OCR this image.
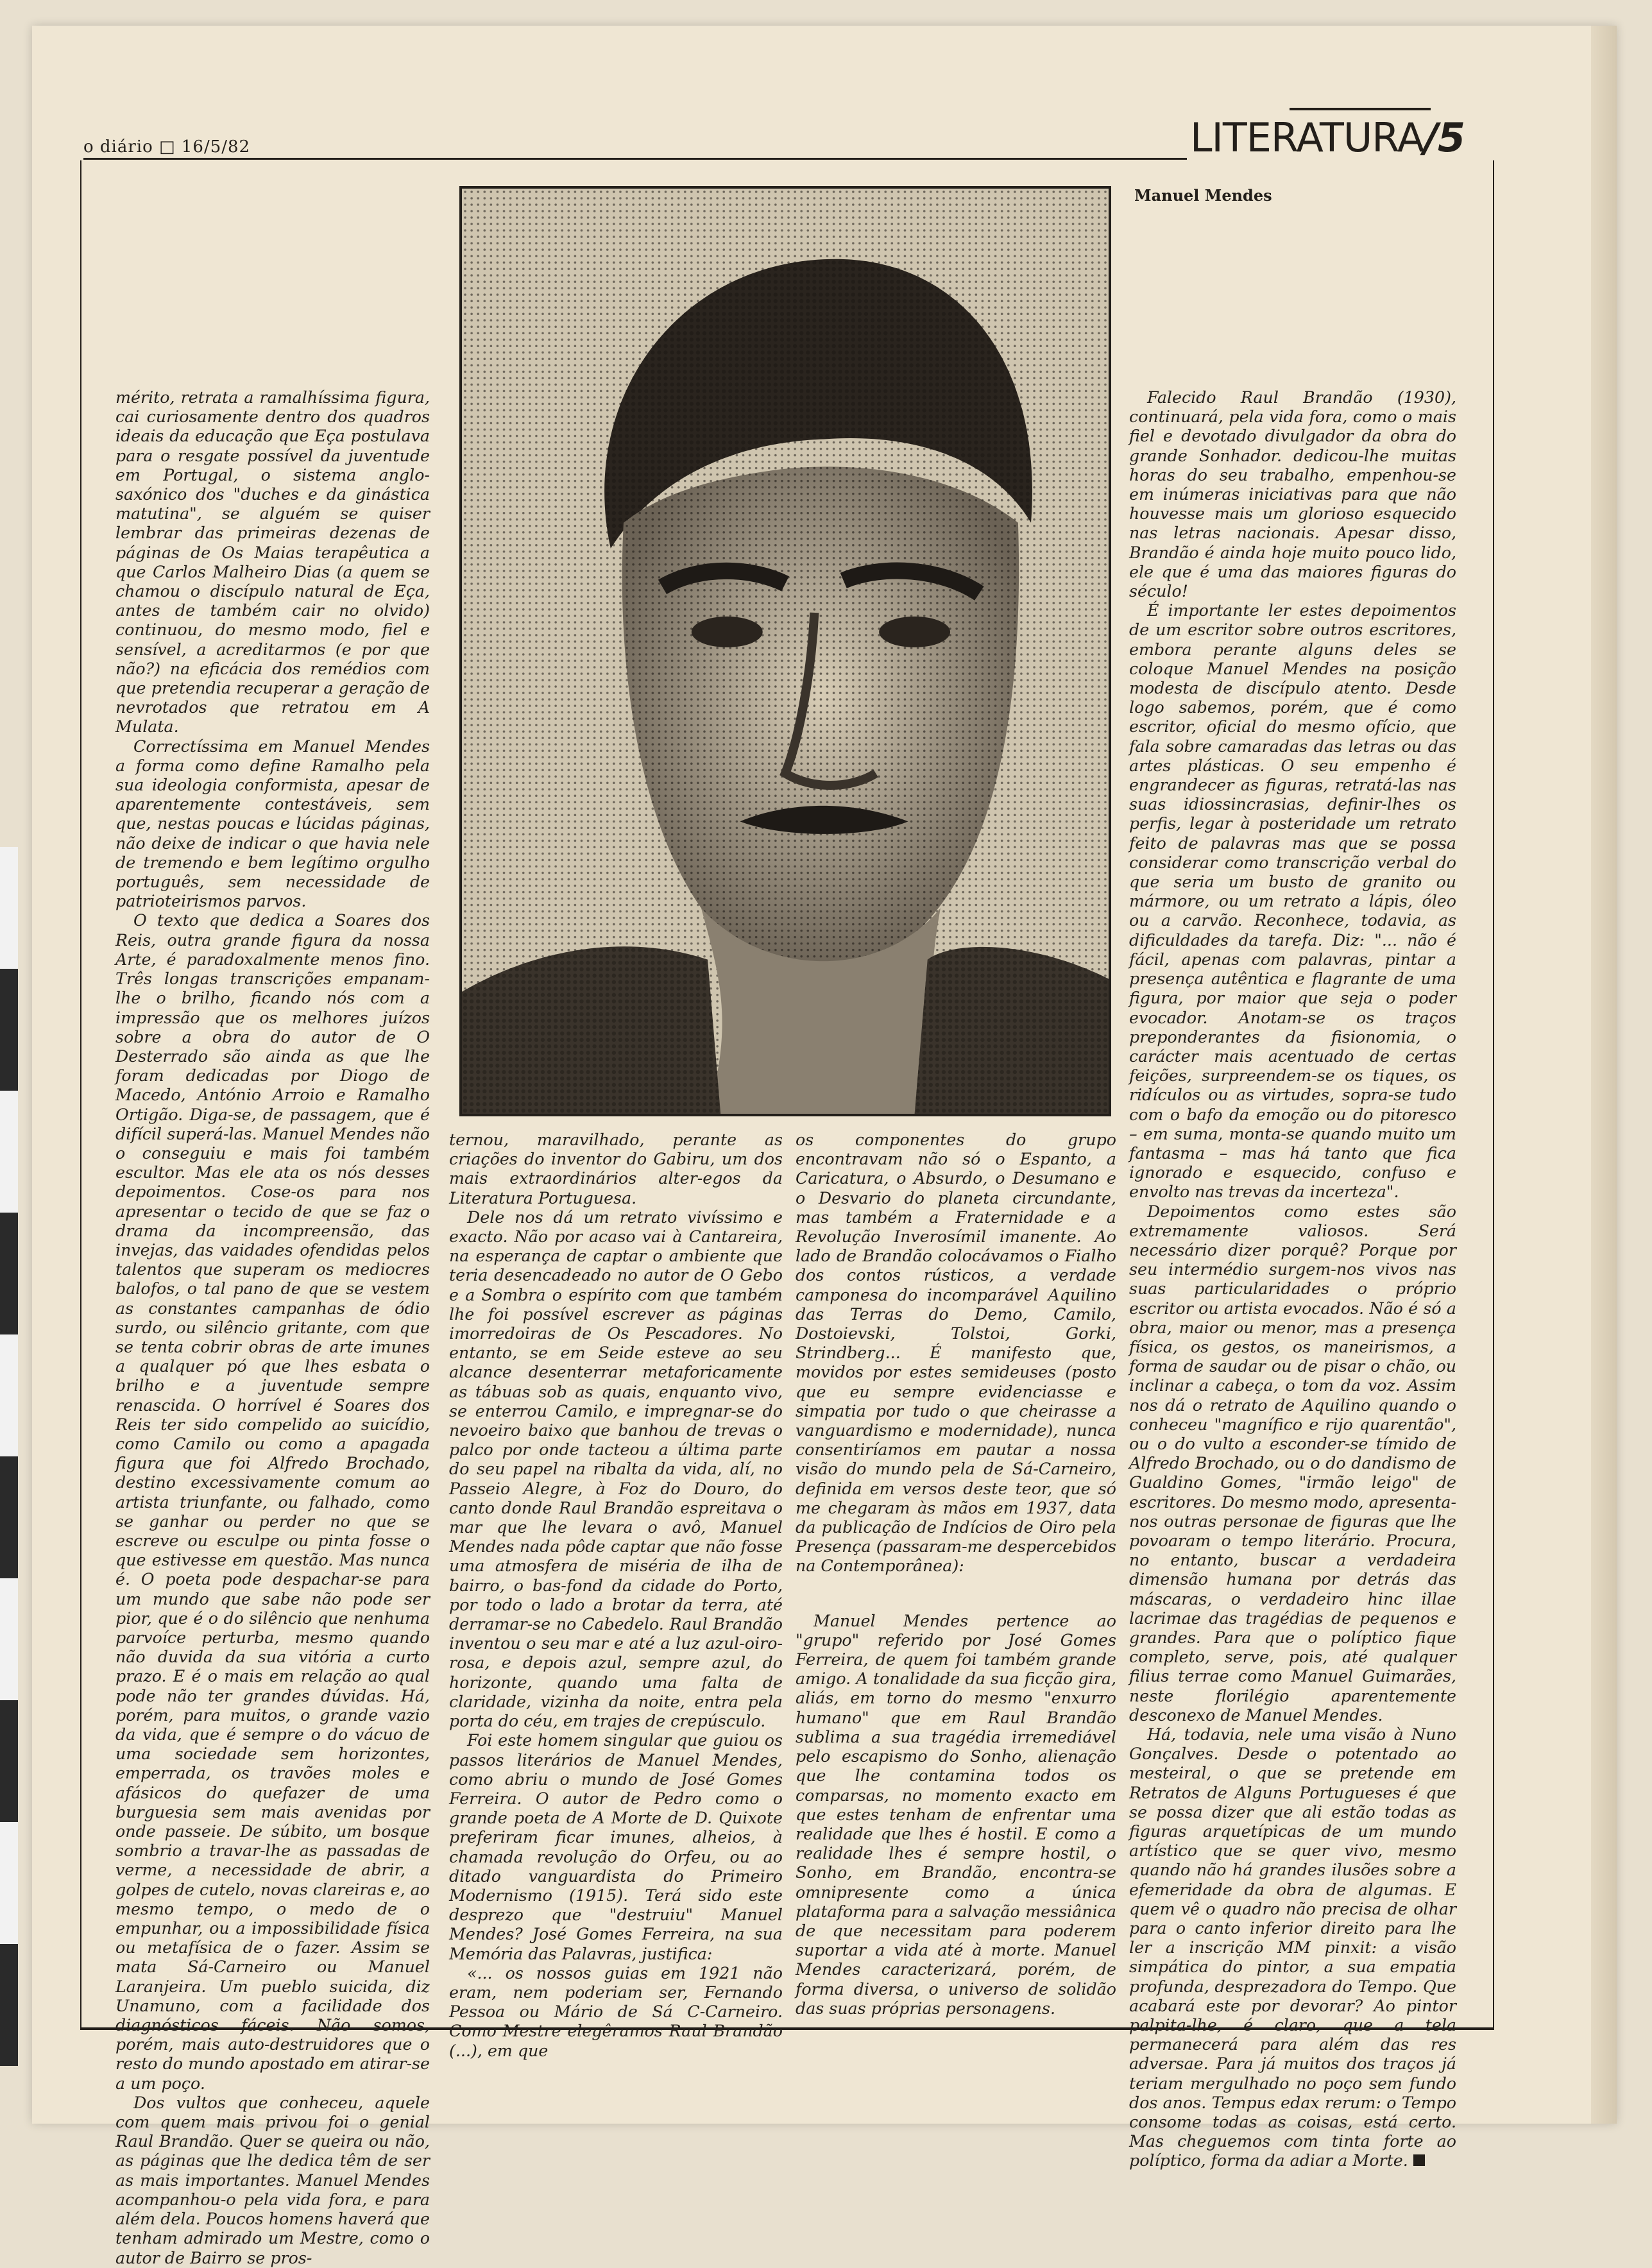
o diário □ 16/5/82	LITERATURA/5
Manuel Mendes

mérito, retrata a ramalhíssima figura, cai curiosamente dentro dos quadros ideais da educação que Eça postulava para o resgate possível da juventude em Portugal, o sistema anglo-saxónico dos "duches e da ginástica matutina", se alguém se quiser lembrar das primeiras dezenas de páginas de Os Maias terapêutica a que Carlos Malheiro Dias (a quem se chamou o discípulo natural de Eça, antes de também cair no olvido) continuou, do mesmo modo, fiel e sensível, a acreditarmos (e por que não?) na eficácia dos remédios com que pretendia recuperar a geração de nevrotados que retratou em A Mulata.

Correctíssima em Manuel Mendes a forma como define Ramalho pela sua ideologia conformista, apesar de aparentemente contestáveis, sem que, nestas poucas e lúcidas páginas, não deixe de indicar o que havia nele de tremendo e bem legítimo orgulho português, sem necessidade de patrioteirismos parvos.

O texto que dedica a Soares dos Reis, outra grande figura da nossa Arte, é paradoxalmente menos fino. Três longas transcrições empanam-lhe o brilho, ficando nós com a impressão que os melhores juízos sobre a obra do autor de O Desterrado são ainda as que lhe foram dedicadas por Diogo de Macedo, António Arroio e Ramalho Ortigão. Diga-se, de passagem, que é difícil superá-las. Manuel Mendes não o conseguiu e mais foi também escultor. Mas ele ata os nós desses depoimentos. Cose-os para nos apresentar o tecido de que se faz o drama da incompreensão, das invejas, das vaidades ofendidas pelos talentos que superam os mediocres balofos, o tal pano de que se vestem as constantes campanhas de ódio surdo, ou silêncio gritante, com que se tenta cobrir obras de arte imunes a qualquer pó que lhes esbata o brilho e a juventude sempre renascida. O horrível é Soares dos Reis ter sido compelido ao suicídio, como Camilo ou como a apagada figura que foi Alfredo Brochado, destino excessivamente comum ao artista triunfante, ou falhado, como se ganhar ou perder no que se escreve ou esculpe ou pinta fosse o que estivesse em questão. Mas nunca é. O poeta pode despachar-se para um mundo que sabe não pode ser pior, que é o do silêncio que nenhuma parvoíce perturba, mesmo quando não duvida da sua vitória a curto prazo. E é o mais em relação ao qual pode não ter grandes dúvidas. Há, porém, para muitos, o grande vazio da vida, que é sempre o do vácuo de uma sociedade sem horizontes, emperrada, os travões moles e afásicos do quefazer de uma burguesia sem mais avenidas por onde passeie. De súbito, um bosque sombrio a travar-lhe as passadas de verme, a necessidade de abrir, a golpes de cutelo, novas clareiras e, ao mesmo tempo, o medo de o empunhar, ou a impossibilidade física ou metafísica de o fazer. Assim se mata Sá-Carneiro ou Manuel Laranjeira. Um pueblo suicida, diz Unamuno, com a facilidade dos diagnósticos fáceis. Não somos, porém, mais auto-destruidores que o resto do mundo apostado em atirar-se a um poço.

Dos vultos que conheceu, aquele com quem mais privou foi o genial Raul Brandão. Quer se queira ou não, as páginas que lhe dedica têm de ser as mais importantes. Manuel Mendes acompanhou-o pela vida fora, e para além dela. Poucos homens haverá que tenham admirado um Mestre, como o autor de Bairro se pros-

ternou, maravilhado, perante as criações do inventor do Gabiru, um dos mais extraordinários alter-egos da Literatura Portuguesa.

Dele nos dá um retrato vivíssimo e exacto. Não por acaso vai à Cantareira, na esperança de captar o ambiente que teria desencadeado no autor de O Gebo e a Sombra o espírito com que também lhe foi possível escrever as páginas imorredoiras de Os Pescadores. No entanto, se em Seide esteve ao seu alcance desenterrar metaforicamente as tábuas sob as quais, enquanto vivo, se enterrou Camilo, e impregnar-se do nevoeiro baixo que banhou de trevas o palco por onde tacteou a última parte do seu papel na ribalta da vida, alí, no Passeio Alegre, à Foz do Douro, do canto donde Raul Brandão espreitava o mar que lhe levara o avô, Manuel Mendes nada pôde captar que não fosse uma atmosfera de miséria de ilha de bairro, o bas-fond da cidade do Porto, por todo o lado a brotar da terra, até derramar-se no Cabedelo. Raul Brandão inventou o seu mar e até a luz azul-oiro-rosa, e depois azul, sempre azul, do horizonte, quando uma falta de claridade, vizinha da noite, entra pela porta do céu, em trajes de crepúsculo.

Foi este homem singular que guiou os passos literários de Manuel Mendes, como abriu o mundo de José Gomes Ferreira. O autor de Pedro como o grande poeta de A Morte de D. Quixote preferiram ficar imunes, alheios, à chamada revolução do Orfeu, ou ao ditado vanguardista do Primeiro Modernismo (1915). Terá sido este desprezo que "destruiu" Manuel Mendes? José Gomes Ferreira, na sua Memória das Palavras, justifica:

«... os nossos guias em 1921 não eram, nem poderiam ser, Fernando Pessoa ou Mário de Sá C-Carneiro. Como Mestre elegêramos Raul Brandão (...), em que

os componentes do grupo encontravam não só o Espanto, a Caricatura, o Absurdo, o Desumano e o Desvario do planeta circundante, mas também a Fraternidade e a Revolução Inverosímil imanente. Ao lado de Brandão colocávamos o Fialho dos contos rústicos, a verdade camponesa do incomparável Aquilino das Terras do Demo, Camilo, Dostoievski, Tolstoi, Gorki, Strindberg... É manifesto que, movidos por estes semideuses (posto que eu sempre evidenciasse e simpatia por tudo o que cheirasse a vanguardismo e modernidade), nunca consentiríamos em pautar a nossa visão do mundo pela de Sá-Carneiro, definida em versos deste teor, que só me chegaram às mãos em 1937, data da publicação de Indícios de Oiro pela Presença (passaram-me despercebidos na Contemporânea):

Manuel Mendes pertence ao "grupo" referido por José Gomes Ferreira, de quem foi também grande amigo. A tonalidade da sua ficção gira, aliás, em torno do mesmo "enxurro humano" que em Raul Brandão sublima a sua tragédia irremediável pelo escapismo do Sonho, alienação que lhe contamina todos os comparsas, no momento exacto em que estes tenham de enfrentar uma realidade que lhes é hostil. E como a realidade lhes é sempre hostil, o Sonho, em Brandão, encontra-se omnipresente como a única plataforma para a salvação messiânica de que necessitam para poderem suportar a vida até à morte. Manuel Mendes caracterizará, porém, de forma diversa, o universo de solidão das suas próprias personagens.

Falecido Raul Brandão (1930), continuará, pela vida fora, como o mais fiel e devotado divulgador da obra do grande Sonhador. dedicou-lhe muitas horas do seu trabalho, empenhou-se em inúmeras iniciativas para que não houvesse mais um glorioso esquecido nas letras nacionais. Apesar disso, Brandão é ainda hoje muito pouco lido, ele que é uma das maiores figuras do século!

É importante ler estes depoimentos de um escritor sobre outros escritores, embora perante alguns deles se coloque Manuel Mendes na posição modesta de discípulo atento. Desde logo sabemos, porém, que é como escritor, oficial do mesmo ofício, que fala sobre camaradas das letras ou das artes plásticas. O seu empenho é engrandecer as figuras, retratá-las nas suas idiossincrasias, definir-lhes os perfis, legar à posteridade um retrato feito de palavras mas que se possa considerar como transcrição verbal do que seria um busto de granito ou mármore, ou um retrato a lápis, óleo ou a carvão. Reconhece, todavia, as dificuldades da tarefa. Diz: "... não é fácil, apenas com palavras, pintar a presença autêntica e flagrante de uma figura, por maior que seja o poder evocador. Anotam-se os traços preponderantes da fisionomia, o carácter mais acentuado de certas feições, surpreendem-se os tiques, os ridículos ou as virtudes, sopra-se tudo com o bafo da emoção ou do pitoresco – em suma, monta-se quando muito um fantasma – mas há tanto que fica ignorado e esquecido, confuso e envolto nas trevas da incerteza".

Depoimentos como estes são extremamente valiosos. Será necessário dizer porquê? Porque por seu intermédio surgem-nos vivos nas suas particularidades o próprio escritor ou artista evocados. Não é só a obra, maior ou menor, mas a presença física, os gestos, os maneirismos, a forma de saudar ou de pisar o chão, ou inclinar a cabeça, o tom da voz. Assim nos dá o retrato de Aquilino quando o conheceu "magnífico e rijo quarentão", ou o do vulto a esconder-se tímido de Alfredo Brochado, ou o do dandismo de Gualdino Gomes, "irmão leigo" de escritores. Do mesmo modo, apresenta-nos outras personae de figuras que lhe povoaram o tempo literário. Procura, no entanto, buscar a verdadeira dimensão humana por detrás das máscaras, o verdadeiro hinc illae lacrimae das tragédias de pequenos e grandes. Para que o políptico fique completo, serve, pois, até qualquer filius terrae como Manuel Guimarães, neste florilégio aparentemente desconexo de Manuel Mendes.

Há, todavia, nele uma visão à Nuno Gonçalves. Desde o potentado ao mesteiral, o que se pretende em Retratos de Alguns Portugueses é que se possa dizer que ali estão todas as figuras arquetípicas de um mundo artístico que se quer vivo, mesmo quando não há grandes ilusões sobre a efemeridade da obra de algumas. E quem vê o quadro não precisa de olhar para o canto inferior direito para lhe ler a inscrição MM pinxit: a visão simpática do pintor, a sua empatia profunda, desprezadora do Tempo. Que acabará este por devorar? Ao pintor palpita-lhe, é claro, que a tela permanecerá para além das res adversae. Para já muitos dos traços já teriam mergulhado no poço sem fundo dos anos. Tempus edax rerum: o Tempo consome todas as coisas, está certo. Mas cheguemos com tinta forte ao políptico, forma da adiar a Morte.
